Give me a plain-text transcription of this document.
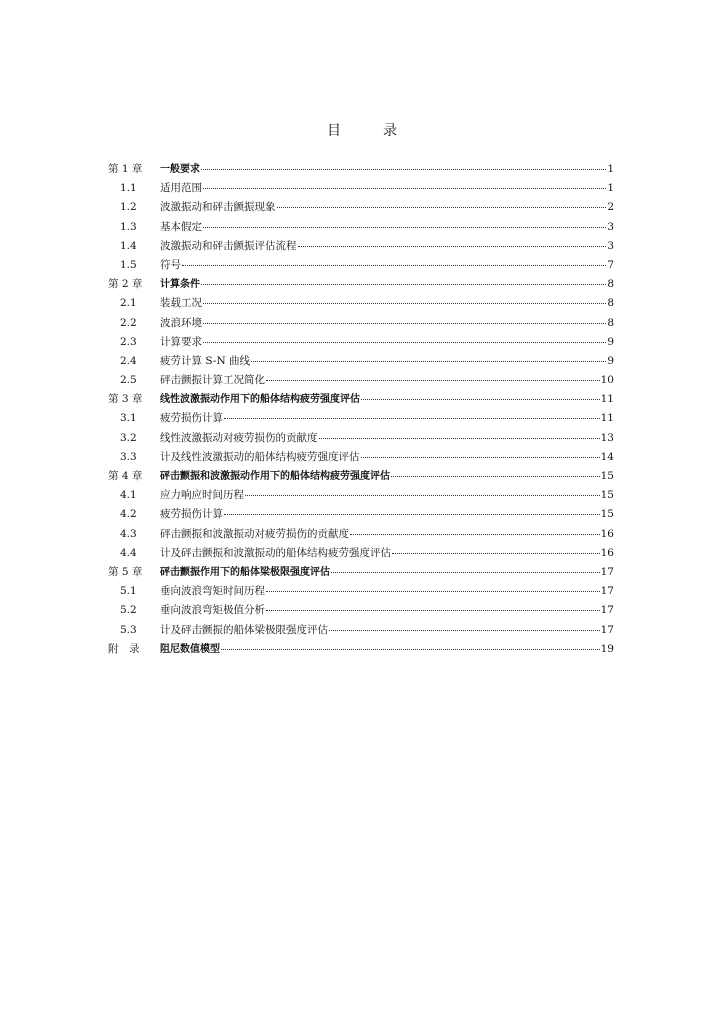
目　录
第 1 章	一般要求	1
1.1	适用范围	1
1.2	波激振动和砰击颤振现象	2
1.3	基本假定	3
1.4	波激振动和砰击颤振评估流程	3
1.5	符号	7
第 2 章	计算条件	8
2.1	装载工况	8
2.2	波浪环境	8
2.3	计算要求	9
2.4	疲劳计算 S-N 曲线	9
2.5	砰击颤振计算工况简化	10
第 3 章	线性波激振动作用下的船体结构疲劳强度评估	11
3.1	疲劳损伤计算	11
3.2	线性波激振动对疲劳损伤的贡献度	13
3.3	计及线性波激振动的船体结构疲劳强度评估	14
第 4 章	砰击颤振和波激振动作用下的船体结构疲劳强度评估	15
4.1	应力响应时间历程	15
4.2	疲劳损伤计算	15
4.3	砰击颤振和波激振动对疲劳损伤的贡献度	16
4.4	计及砰击颤振和波激振动的船体结构疲劳强度评估	16
第 5 章	砰击颤振作用下的船体梁极限强度评估	17
5.1	垂向波浪弯矩时间历程	17
5.2	垂向波浪弯矩极值分析	17
5.3	计及砰击颤振的船体梁极限强度评估	17
附　录	阻尼数值模型	19
